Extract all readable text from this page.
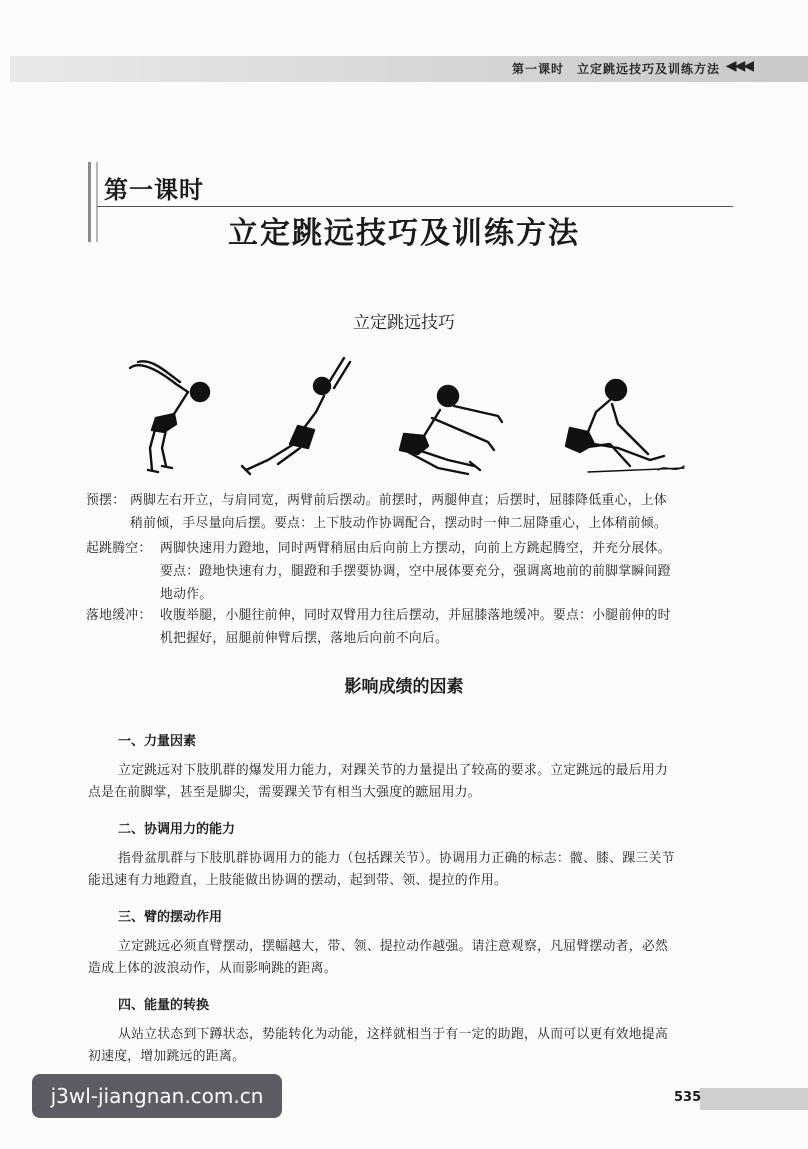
第一课时　立定跳远技巧及训练方法 ◀◀◀
第一课时
立定跳远技巧及训练方法
立定跳远技巧
预摆： 两脚左右开立，与肩同宽，两臂前后摆动。前摆时，两腿伸直；后摆时，屈膝降低重心，上体
稍前倾，手尽量向后摆。要点：上下肢动作协调配合，摆动时一伸二屈降重心，上体稍前倾。
起跳腾空： 两脚快速用力蹬地，同时两臂稍屈由后向前上方摆动，向前上方跳起腾空，并充分展体。
要点：蹬地快速有力，腿蹬和手摆要协调，空中展体要充分，强调离地前的前脚掌瞬间蹬
地动作。
落地缓冲： 收腹举腿，小腿往前伸，同时双臂用力往后摆动，并屈膝落地缓冲。要点：小腿前伸的时
机把握好，屈腿前伸臂后摆，落地后向前不向后。
影响成绩的因素
一、力量因素
立定跳远对下肢肌群的爆发用力能力，对踝关节的力量提出了较高的要求。立定跳远的最后用力
点是在前脚掌，甚至是脚尖，需要踝关节有相当大强度的蹠屈用力。
二、协调用力的能力
指骨盆肌群与下肢肌群协调用力的能力（包括踝关节）。协调用力正确的标志：髋、膝、踝三关节
能迅速有力地蹬直，上肢能做出协调的摆动，起到带、领、提拉的作用。
三、臂的摆动作用
立定跳远必须直臂摆动，摆幅越大，带、领、提拉动作越强。请注意观察，凡屈臂摆动者，必然
造成上体的波浪动作，从而影响跳的距离。
四、能量的转换
从站立状态到下蹲状态，势能转化为动能，这样就相当于有一定的助跑，从而可以更有效地提高
初速度，增加跳远的距离。
535
j3wl-jiangnan.com.cn
